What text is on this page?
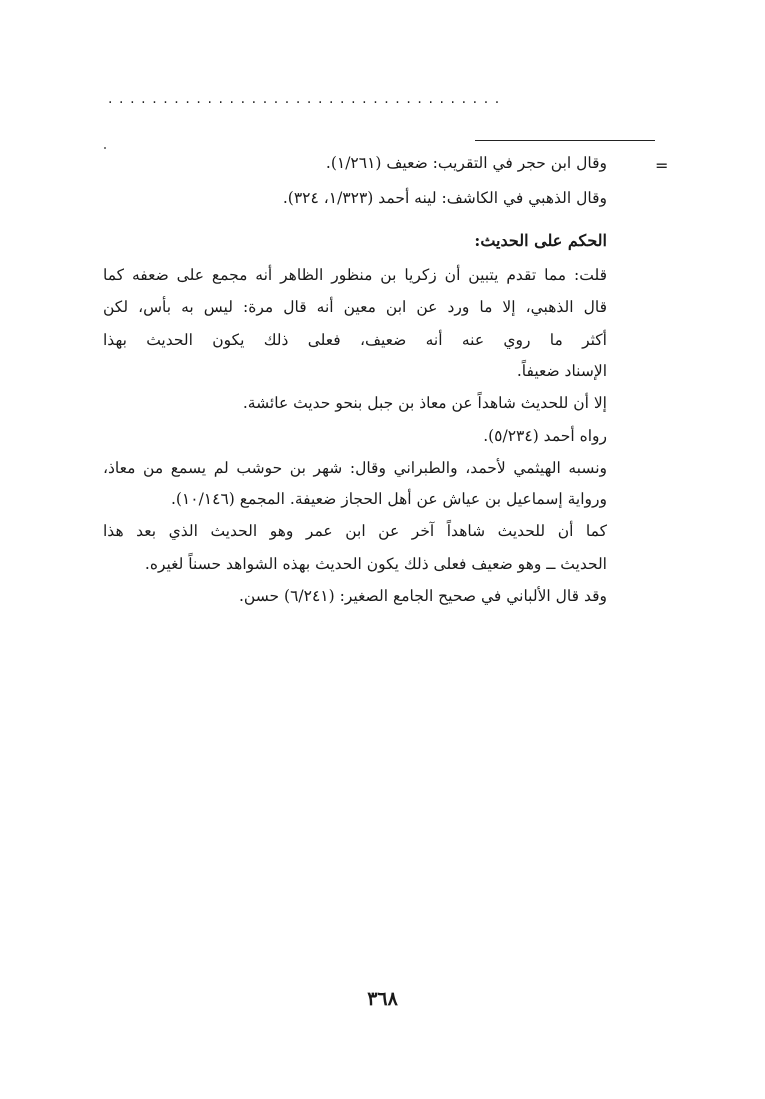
....................................
=
وقال ابن حجر في التقريب: ضعيف (١/٢٦١).
وقال الذهبي في الكاشف: لينه أحمد (١/٣٢٣، ٣٢٤).
الحكم على الحديث:
قلت: مما تقدم يتبين أن زكريا بن منظور الظاهر أنه مجمع على ضعفه كما
قال الذهبي، إلا ما ورد عن ابن معين أنه قال مرة: ليس به بأس، لكن
أكثر ما روي عنه أنه ضعيف، فعلى ذلك يكون الحديث بهذا
الإسناد ضعيفاً.
إلا أن للحديث شاهداً عن معاذ بن جبل بنحو حديث عائشة.
رواه أحمد (٥/٢٣٤).
ونسبه الهيثمي لأحمد، والطبراني وقال: شهر بن حوشب لم يسمع من معاذ،
ورواية إسماعيل بن عياش عن أهل الحجاز ضعيفة. المجمع (١٠/١٤٦).
كما أن للحديث شاهداً آخر عن ابن عمر وهو الحديث الذي بعد هذا
الحديث ــ وهو ضعيف فعلى ذلك يكون الحديث بهذه الشواهد حسناً لغيره.
وقد قال الألباني في صحيح الجامع الصغير: (٦/٢٤١) حسن.
٣٦٨
